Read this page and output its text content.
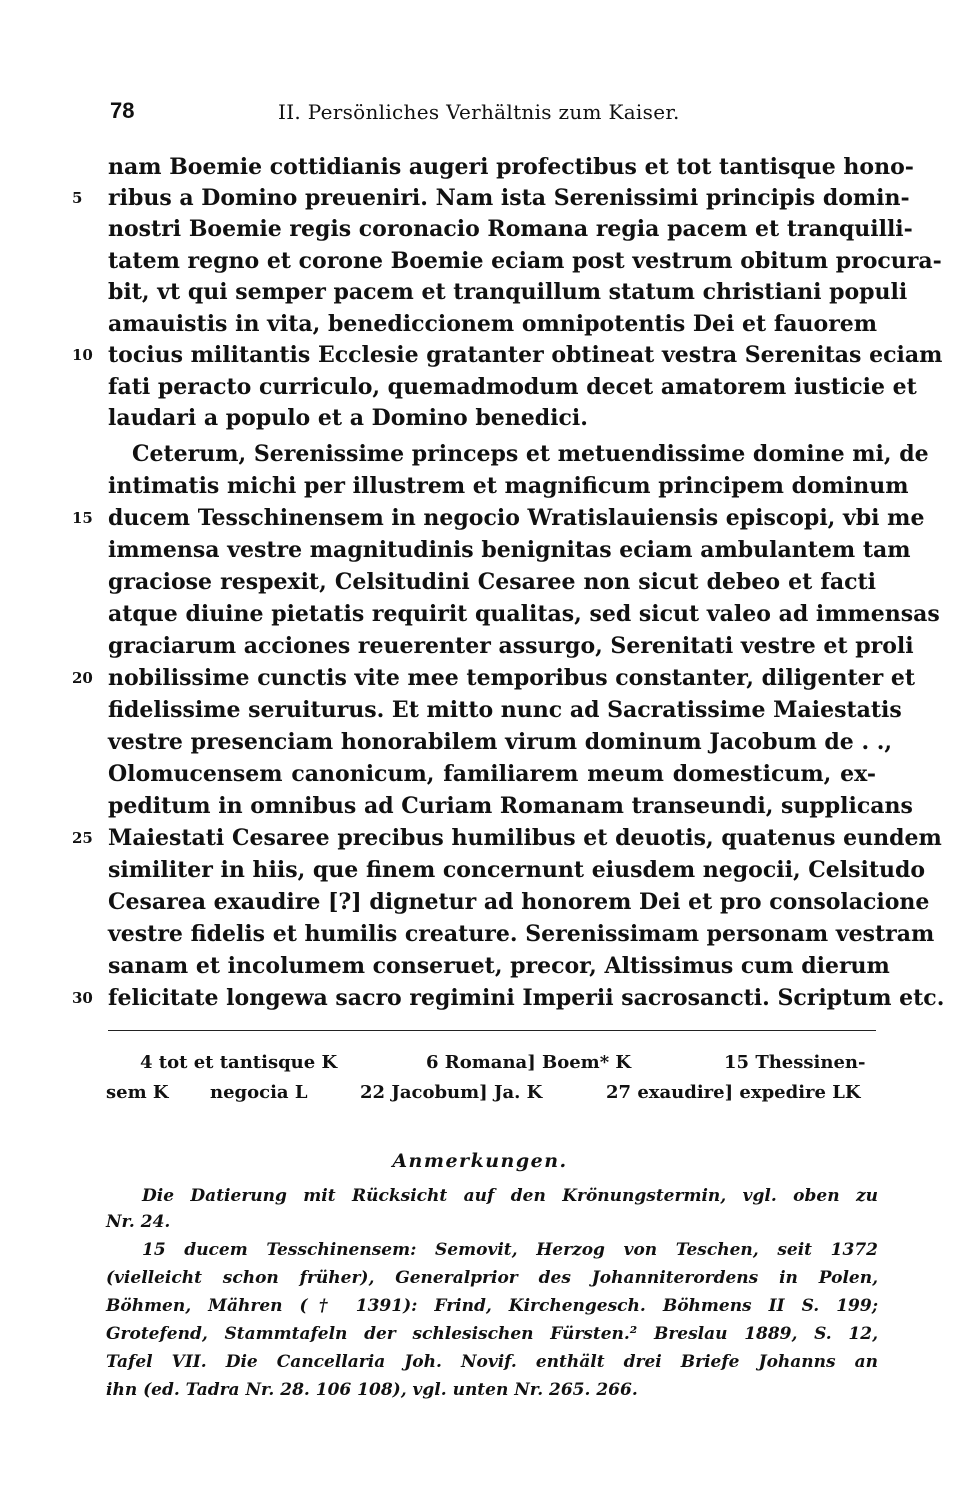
78	II. Persönliches Verhältnis zum Kaiser.
nam Boemie cottidianis augeri profectibus et tot tantisque hono-
ribus a Domino preueniri. Nam ista Serenissimi principis domin-
nostri Boemie regis coronacio Romana regia pacem et tranquilli-
tatem regno et corone Boemie eciam post vestrum obitum procura-
bit, vt qui semper pacem et tranquillum statum christiani populi
amauistis in vita, benediccionem omnipotentis Dei et fauorem
tocius militantis Ecclesie gratanter obtineat vestra Serenitas eciam
fati peracto curriculo, quemadmodum decet amatorem iusticie et
laudari a populo et a Domino benedici.
Ceterum, Serenissime princeps et metuendissime domine mi, de
intimatis michi per illustrem et magnificum principem dominum
ducem Tesschinensem in negocio Wratislauiensis episcopi, vbi me
immensa vestre magnitudinis benignitas eciam ambulantem tam
graciose respexit, Celsitudini Cesaree non sicut debeo et facti
atque diuine pietatis requirit qualitas, sed sicut valeo ad immensas
graciarum acciones reuerenter assurgo, Serenitati vestre et proli
nobilissime cunctis vite mee temporibus constanter, diligenter et
fidelissime seruiturus. Et mitto nunc ad Sacratissime Maiestatis
vestre presenciam honorabilem virum dominum Jacobum de . .,
Olomucensem canonicum, familiarem meum domesticum, ex-
peditum in omnibus ad Curiam Romanam transeundi, supplicans
Maiestati Cesaree precibus humilibus et deuotis, quatenus eundem
similiter in hiis, que finem concernunt eiusdem negocii, Celsitudo
Cesarea exaudire [?] dignetur ad honorem Dei et pro consolacione
vestre fidelis et humilis creature. Serenissimam personam vestram
sanam et incolumem conseruet, precor, Altissimus cum dierum
felicitate longewa sacro regimini Imperii sacrosancti. Scriptum etc.
5
10
15
20
25
30
4 tot et tantisque K	6 Romana] Boem* K	15 Thessinen-
sem K negocia L	22 Jacobum] Ja. K	27 exaudire] expedire LK
Anmerkungen.
Die Datierung mit Rücksicht auf den Krönungstermin, vgl. oben zu
Nr. 24.
15 ducem Tesschinensem: Semovit, Herzog von Teschen, seit 1372
(vielleicht schon früher), Generalprior des Johanniterordens in Polen,
Böhmen, Mähren († 1391): Frind, Kirchengesch. Böhmens II S. 199;
Grotefend, Stammtafeln der schlesischen Fürsten.² Breslau 1889, S. 12,
Tafel VII. Die Cancellaria Joh. Novif. enthält drei Briefe Johanns an
ihn (ed. Tadra Nr. 28. 106 108), vgl. unten Nr. 265. 266.
